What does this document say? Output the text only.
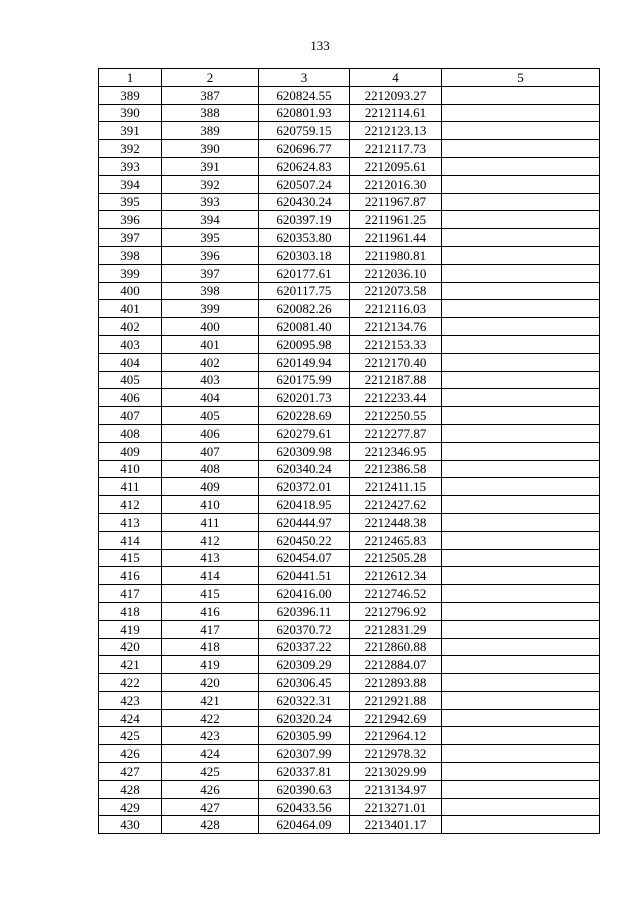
133
1	2	3	4	5
389	387	620824.55	2212093.27	
390	388	620801.93	2212114.61	
391	389	620759.15	2212123.13	
392	390	620696.77	2212117.73	
393	391	620624.83	2212095.61	
394	392	620507.24	2212016.30	
395	393	620430.24	2211967.87	
396	394	620397.19	2211961.25	
397	395	620353.80	2211961.44	
398	396	620303.18	2211980.81	
399	397	620177.61	2212036.10	
400	398	620117.75	2212073.58	
401	399	620082.26	2212116.03	
402	400	620081.40	2212134.76	
403	401	620095.98	2212153.33	
404	402	620149.94	2212170.40	
405	403	620175.99	2212187.88	
406	404	620201.73	2212233.44	
407	405	620228.69	2212250.55	
408	406	620279.61	2212277.87	
409	407	620309.98	2212346.95	
410	408	620340.24	2212386.58	
411	409	620372.01	2212411.15	
412	410	620418.95	2212427.62	
413	411	620444.97	2212448.38	
414	412	620450.22	2212465.83	
415	413	620454.07	2212505.28	
416	414	620441.51	2212612.34	
417	415	620416.00	2212746.52	
418	416	620396.11	2212796.92	
419	417	620370.72	2212831.29	
420	418	620337.22	2212860.88	
421	419	620309.29	2212884.07	
422	420	620306.45	2212893.88	
423	421	620322.31	2212921.88	
424	422	620320.24	2212942.69	
425	423	620305.99	2212964.12	
426	424	620307.99	2212978.32	
427	425	620337.81	2213029.99	
428	426	620390.63	2213134.97	
429	427	620433.56	2213271.01	
430	428	620464.09	2213401.17	
